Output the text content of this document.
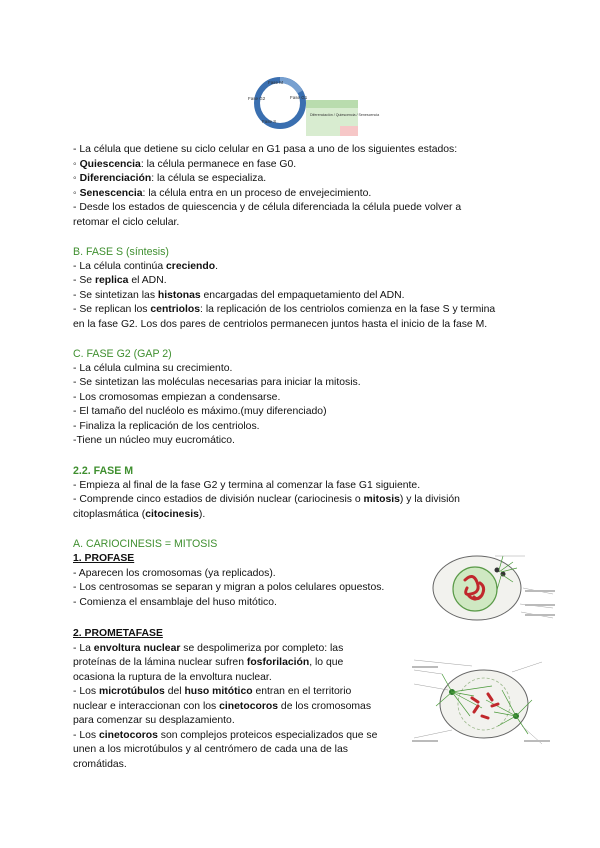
Fase M
Fase G2	Fase G1
Fase S
Diferenciación / Quiescencia / Senescencia
- La célula que detiene su ciclo celular en G1 pasa a uno de los siguientes estados:
◦ Quiescencia: la célula permanece en fase G0.
◦ Diferenciación: la célula se especializa.
◦ Senescencia: la célula entra en un proceso de envejecimiento.
- Desde los estados de quiescencia y de célula diferenciada la célula puede volver a
retomar el ciclo celular.
B. FASE S (síntesis)
- La célula continúa creciendo.
- Se replica el ADN.
- Se sintetizan las histonas encargadas del empaquetamiento del ADN.
- Se replican los centriolos: la replicación de los centriolos comienza en la fase S y termina
en la fase G2. Los dos pares de centriolos permanecen juntos hasta el inicio de la fase M.
C. FASE G2 (GAP 2)
- La célula culmina su crecimiento.
- Se sintetizan las moléculas necesarias para iniciar la mitosis.
- Los cromosomas empiezan a condensarse.
- El tamaño del nucléolo es máximo.(muy diferenciado)
- Finaliza la replicación de los centriolos.
-Tiene un núcleo muy eucromático.
2.2. FASE M
- Empieza al final de la fase G2 y termina al comenzar la fase G1 siguiente.
- Comprende cinco estadios de división nuclear (cariocinesis o mitosis) y la división
citoplasmática (citocinesis).
A. CARIOCINESIS = MITOSIS
1. PROFASE
- Aparecen los cromosomas (ya replicados).
- Los centrosomas se separan y migran a polos celulares opuestos.
- Comienza el ensamblaje del huso mitótico.
2. PROMETAFASE
- La envoltura nuclear se despolimeriza por completo: las
proteínas de la lámina nuclear sufren fosforilación, lo que
ocasiona la ruptura de la envoltura nuclear.
- Los microtúbulos del huso mitótico entran en el territorio
nuclear e interaccionan con los cinetocoros de los cromosomas
para comenzar su desplazamiento.
- Los cinetocoros son complejos proteicos especializados que se
unen a los microtúbulos y al centrómero de cada una de las
cromátidas.
